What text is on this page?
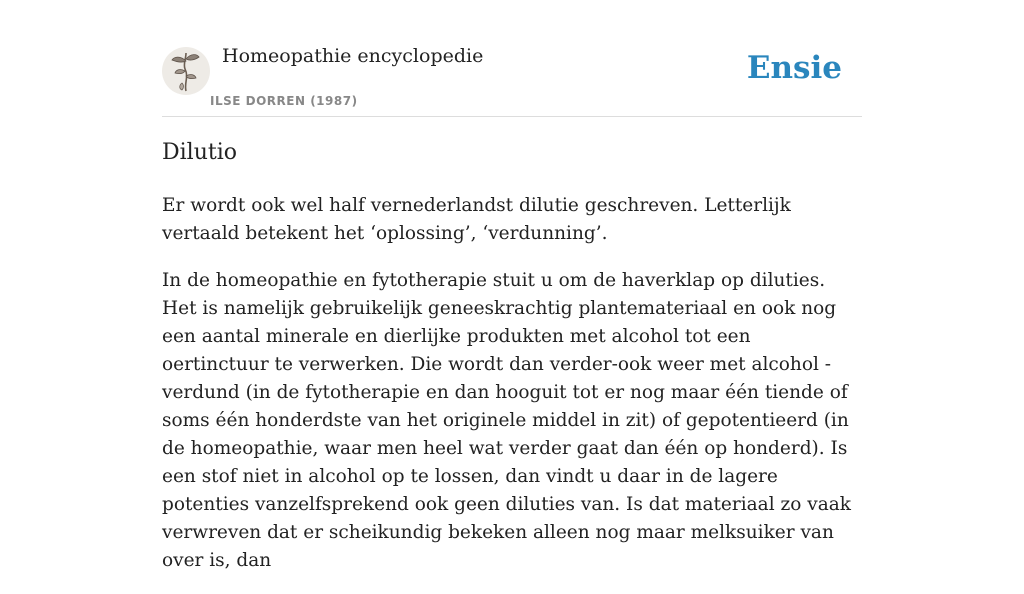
Homeopathie encyclopedie
ILSE DORREN (1987)
Ensie
Dilutio

Er wordt ook wel half vernederlandst dilutie geschreven. Letterlijk vertaald betekent het ‘oplossing’, ‘verdunning’.

In de homeopathie en fytotherapie stuit u om de haverklap op diluties. Het is namelijk gebruikelijk geneeskrachtig plantemateriaal en ook nog een aantal minerale en dierlijke produkten met alcohol tot een oertinctuur te verwerken. Die wordt dan verder-ook weer met alcohol - verdund (in de fytotherapie en dan hooguit tot er nog maar één tiende of soms één honderdste van het originele middel in zit) of gepotentieerd (in de homeopathie, waar men heel wat verder gaat dan één op honderd). Is een stof niet in alcohol op te lossen, dan vindt u daar in de lagere potenties vanzelfsprekend ook geen diluties van. Is dat materiaal zo vaak verwreven dat er scheikundig bekeken alleen nog maar melksuiker van over is, dan
